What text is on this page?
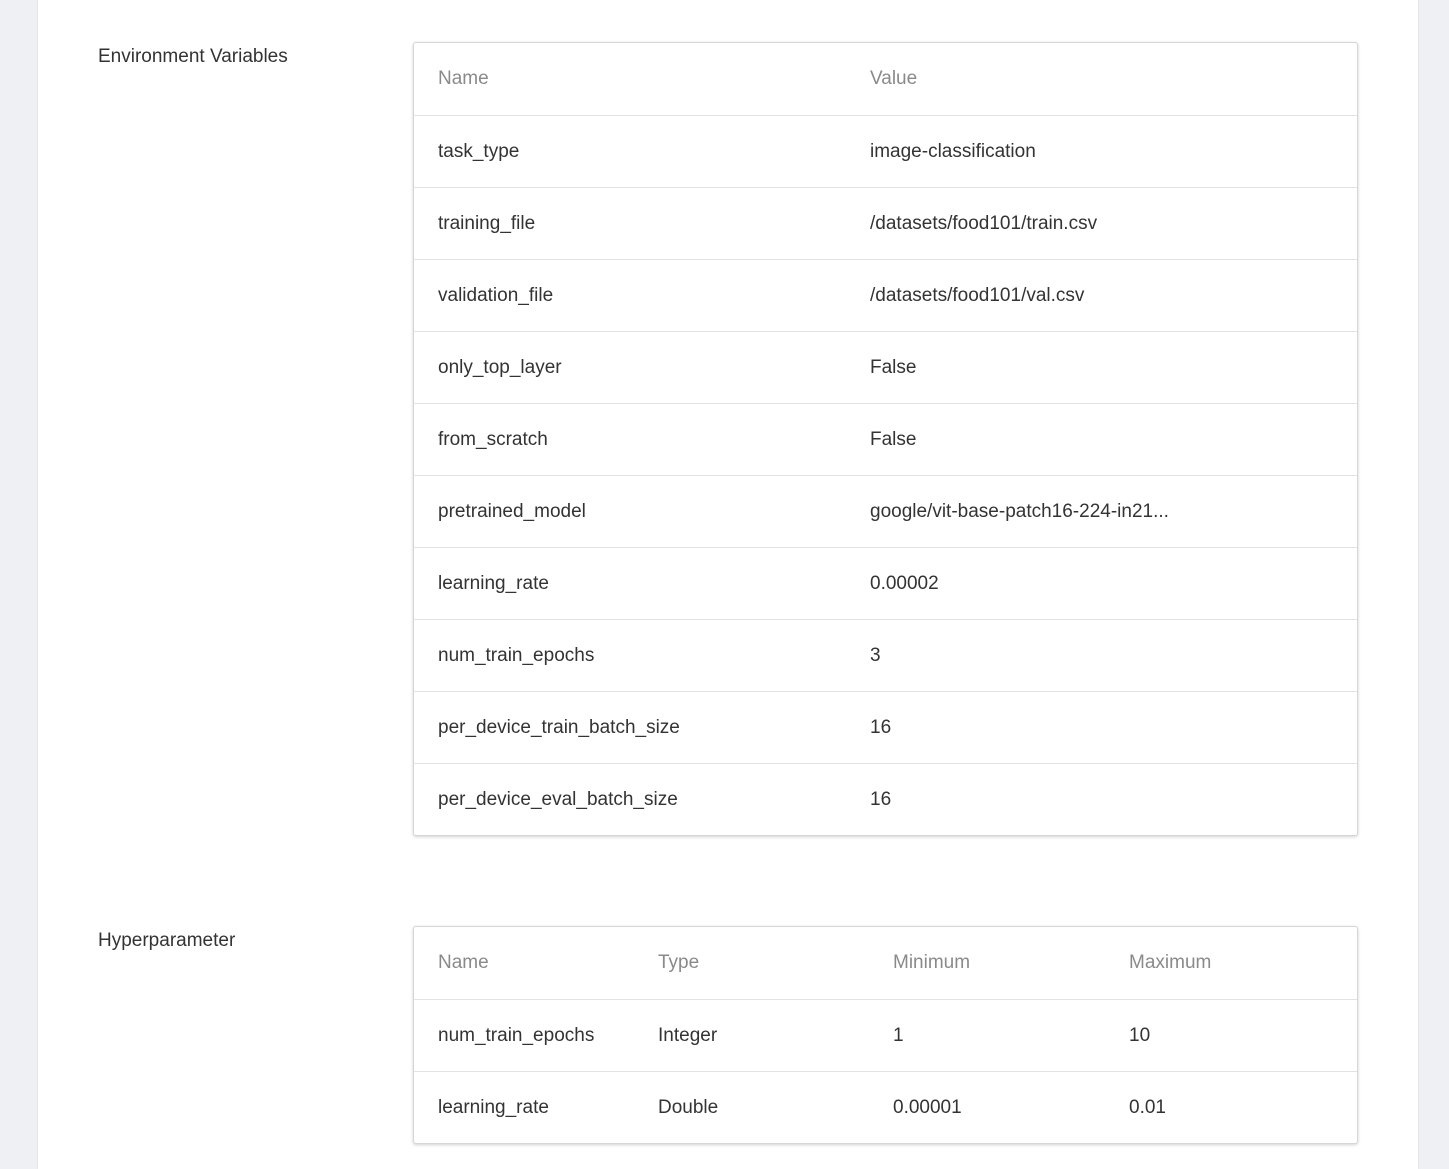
Environment Variables
Name	Value
task_type	image-classification
training_file	/datasets/food101/train.csv
validation_file	/datasets/food101/val.csv
only_top_layer	False
from_scratch	False
pretrained_model	google/vit-base-patch16-224-in21...
learning_rate	0.00002
num_train_epochs	3
per_device_train_batch_size	16
per_device_eval_batch_size	16
Hyperparameter
Name	Type	Minimum	Maximum
num_train_epochs	Integer	1	10
learning_rate	Double	0.00001	0.01
